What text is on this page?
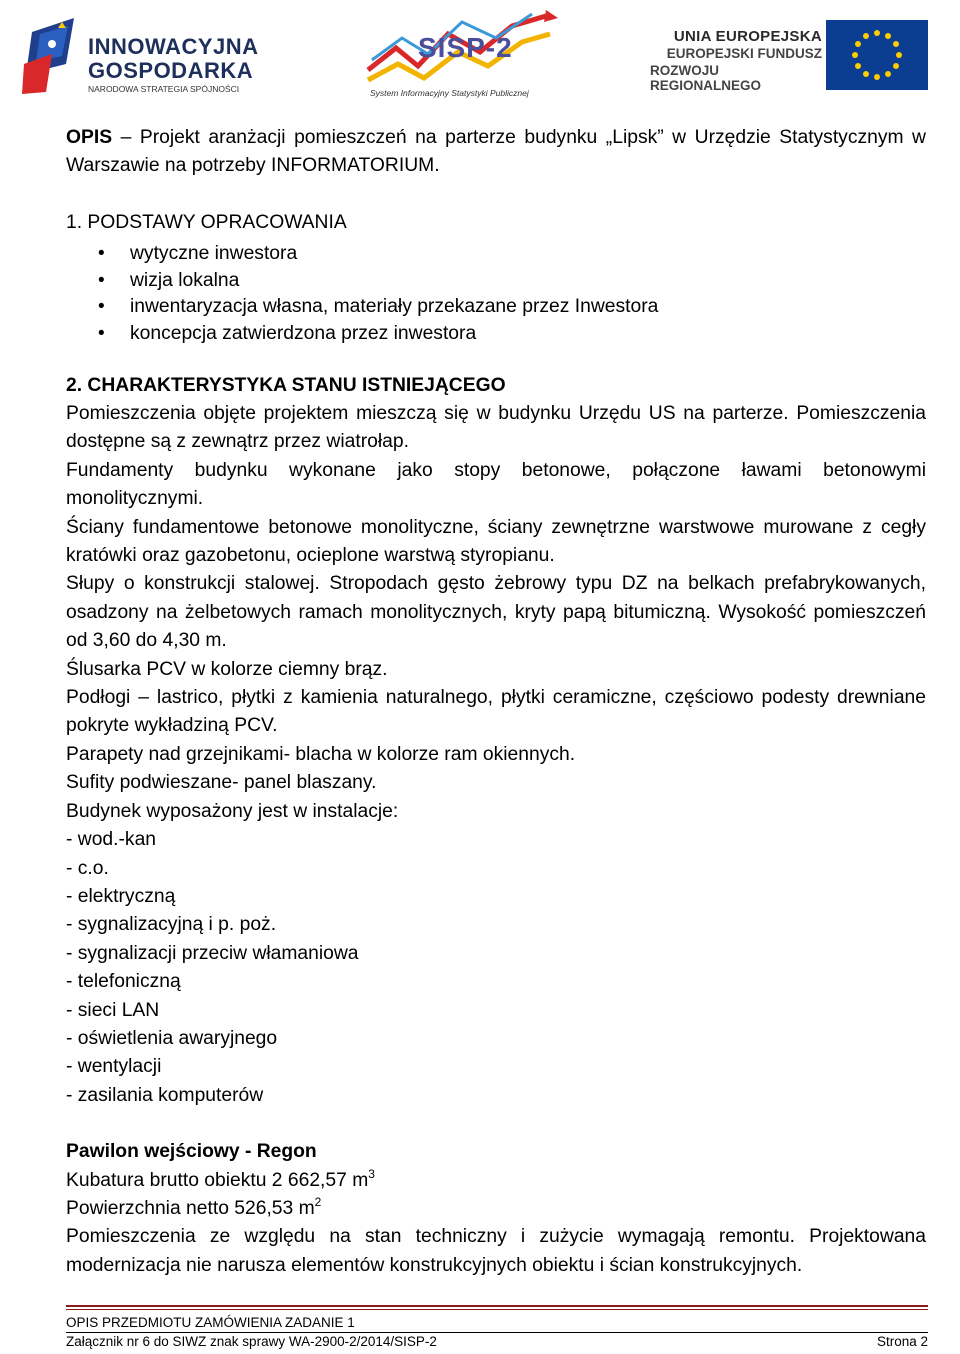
INNOWACYJNA
GOSPODARKA
NARODOWA STRATEGIA SPÓJNOŚCI
SISP-2
System Informacyjny Statystyki Publicznej
UNIA EUROPEJSKA
EUROPEJSKI FUNDUSZ
ROZWOJU REGIONALNEGO

OPIS – Projekt aranżacji pomieszczeń na parterze budynku „Lipsk” w Urzędzie Statystycznym w Warszawie na potrzeby INFORMATORIUM.

1. PODSTAWY OPRACOWANIA

• wytyczne inwestora
• wizja lokalna
• inwentaryzacja własna, materiały przekazane przez Inwestora
• koncepcja zatwierdzona przez inwestora

2. CHARAKTERYSTYKA STANU ISTNIEJĄCEGO

Pomieszczenia objęte projektem mieszczą się w budynku Urzędu US na parterze. Pomieszczenia dostępne są z zewnątrz przez wiatrołap.

Fundamenty budynku wykonane jako stopy betonowe, połączone ławami betonowymi monolitycznymi.

Ściany fundamentowe betonowe monolityczne, ściany zewnętrzne warstwowe murowane z cegły kratówki oraz gazobetonu, ocieplone warstwą styropianu.

Słupy o konstrukcji stalowej. Stropodach gęsto żebrowy typu DZ na belkach prefabrykowanych, osadzony na żelbetowych ramach monolitycznych, kryty papą bitumiczną. Wysokość pomieszczeń od 3,60 do 4,30 m.

Ślusarka PCV w kolorze ciemny brąz.

Podłogi – lastrico, płytki z kamienia naturalnego, płytki ceramiczne, częściowo podesty drewniane pokryte wykładziną PCV.

Parapety nad grzejnikami- blacha w kolorze ram okiennych.

Sufity podwieszane- panel blaszany.

Budynek wyposażony jest w instalacje:

- wod.-kan

- c.o.

- elektryczną

- sygnalizacyjną i p. poż.

- sygnalizacji przeciw włamaniowa

- telefoniczną

- sieci LAN

- oświetlenia awaryjnego

- wentylacji

- zasilania komputerów

Pawilon wejściowy - Regon

Kubatura brutto obiektu 2 662,57 $m^3$

Powierzchnia netto 526,53 $m^2$

Pomieszczenia ze względu na stan techniczny i zużycie wymagają remontu. Projektowana modernizacja nie narusza elementów konstrukcyjnych obiektu i ścian konstrukcyjnych.

OPIS PRZEDMIOTU ZAMÓWIENIA ZADANIE 1
Załącznik nr 6 do SIWZ znak sprawy WA-2900-2/2014/SISP-2	Strona 2
